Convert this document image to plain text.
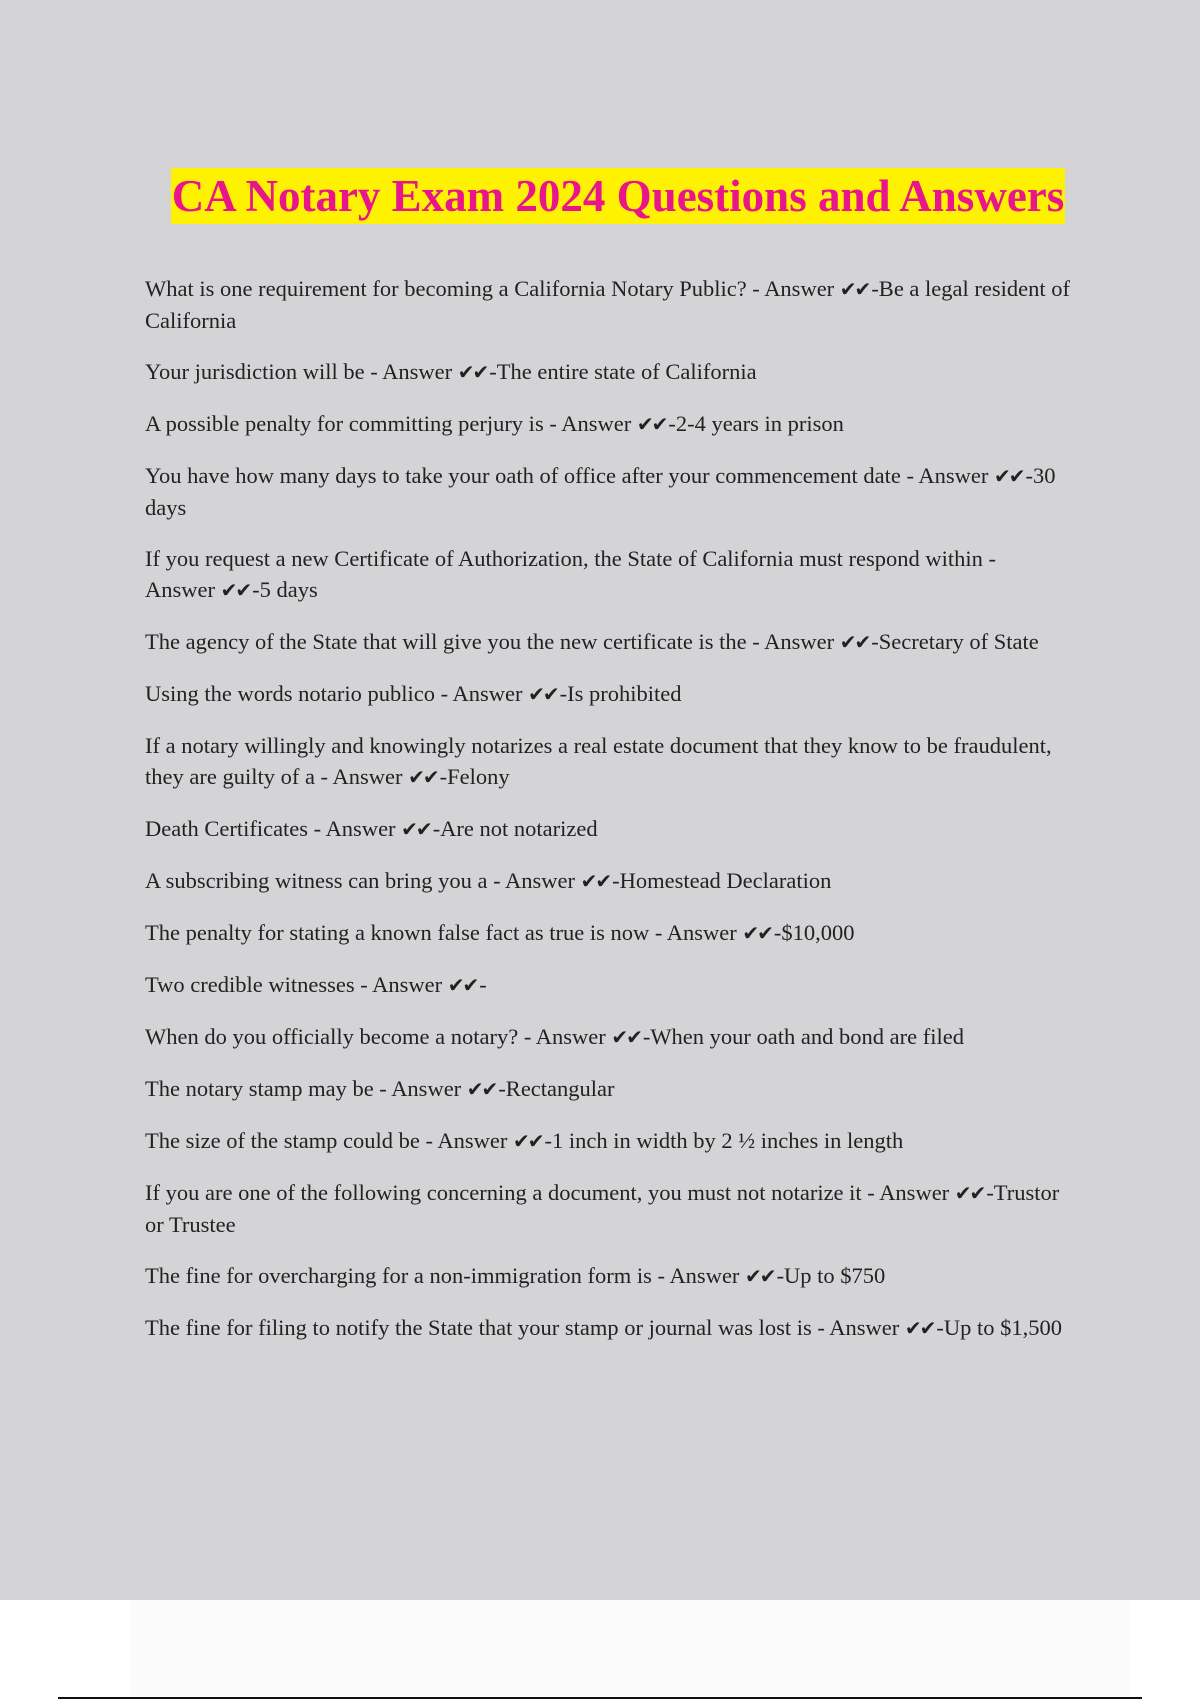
CA Notary Exam 2024 Questions and Answers
What is one requirement for becoming a California Notary Public? - Answer ✔✔-Be a legal resident of California
Your jurisdiction will be - Answer ✔✔-The entire state of California
A possible penalty for committing perjury is - Answer ✔✔-2-4 years in prison
You have how many days to take your oath of office after your commencement date - Answer ✔✔-30 days
If you request a new Certificate of Authorization, the State of California must respond within - Answer ✔✔-5 days
The agency of the State that will give you the new certificate is the - Answer ✔✔-Secretary of State
Using the words notario publico - Answer ✔✔-Is prohibited
If a notary willingly and knowingly notarizes a real estate document that they know to be fraudulent, they are guilty of a - Answer ✔✔-Felony
Death Certificates - Answer ✔✔-Are not notarized
A subscribing witness can bring you a - Answer ✔✔-Homestead Declaration
The penalty for stating a known false fact as true is now - Answer ✔✔-$10,000
Two credible witnesses - Answer ✔✔-
When do you officially become a notary? - Answer ✔✔-When your oath and bond are filed
The notary stamp may be - Answer ✔✔-Rectangular
The size of the stamp could be - Answer ✔✔-1 inch in width by 2 ½ inches in length
If you are one of the following concerning a document, you must not notarize it - Answer ✔✔-Trustor or Trustee
The fine for overcharging for a non-immigration form is - Answer ✔✔-Up to $750
The fine for filing to notify the State that your stamp or journal was lost is - Answer ✔✔-Up to $1,500
